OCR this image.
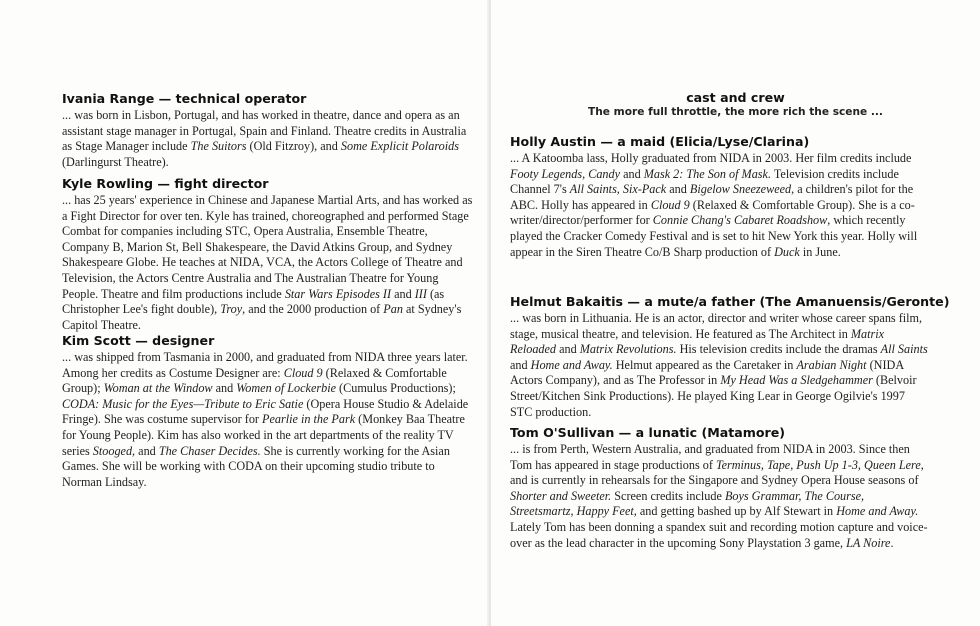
Ivania Range — technical operator

... was born in Lisbon, Portugal, and has worked in theatre, dance and opera as an assistant stage manager in Portugal, Spain and Finland. Theatre credits in Australia as Stage Manager include The Suitors (Old Fitzroy), and Some Explicit Polaroids (Darlingurst Theatre).

Kyle Rowling — fight director

... has 25 years' experience in Chinese and Japanese Martial Arts, and has worked as a Fight Director for over ten. Kyle has trained, choreographed and performed Stage Combat for companies including STC, Opera Australia, Ensemble Theatre, Company B, Marion St, Bell Shakespeare, the David Atkins Group, and Sydney Shakespeare Globe. He teaches at NIDA, VCA, the Actors College of Theatre and Television, the Actors Centre Australia and The Australian Theatre for Young People. Theatre and film productions include Star Wars Episodes II and III (as Christopher Lee's fight double), Troy, and the 2000 production of Pan at Sydney's Capitol Theatre.

Kim Scott — designer

... was shipped from Tasmania in 2000, and graduated from NIDA three years later. Among her credits as Costume Designer are: Cloud 9 (Relaxed & Comfortable Group); Woman at the Window and Women of Lockerbie (Cumulus Productions); CODA: Music for the Eyes—Tribute to Eric Satie (Opera House Studio & Adelaide Fringe). She was costume supervisor for Pearlie in the Park (Monkey Baa Theatre for Young People). Kim has also worked in the art departments of the reality TV series Stooged, and The Chaser Decides. She is currently working for the Asian Games. She will be working with CODA on their upcoming studio tribute to Norman Lindsay.

cast and crew
The more full throttle, the more rich the scene ...
Holly Austin — a maid (Elicia/Lyse/Clarina)

... A Katoomba lass, Holly graduated from NIDA in 2003. Her film credits include Footy Legends, Candy and Mask 2: The Son of Mask. Television credits include Channel 7's All Saints, Six-Pack and Bigelow Sneezeweed, a children's pilot for the ABC. Holly has appeared in Cloud 9 (Relaxed & Comfortable Group). She is a co-writer/director/performer for Connie Chang's Cabaret Roadshow, which recently played the Cracker Comedy Festival and is set to hit New York this year. Holly will appear in the Siren Theatre Co/B Sharp production of Duck in June.

Helmut Bakaitis — a mute/a father (The Amanuensis/Geronte)

... was born in Lithuania. He is an actor, director and writer whose career spans film, stage, musical theatre, and television. He featured as The Architect in Matrix Reloaded and Matrix Revolutions. His television credits include the dramas All Saints and Home and Away. Helmut appeared as the Caretaker in Arabian Night (NIDA Actors Company), and as The Professor in My Head Was a Sledgehammer (Belvoir Street/Kitchen Sink Productions). He played King Lear in George Ogilvie's 1997 STC production.

Tom O'Sullivan — a lunatic (Matamore)

... is from Perth, Western Australia, and graduated from NIDA in 2003. Since then Tom has appeared in stage productions of Terminus, Tape, Push Up 1-3, Queen Lere, and is currently in rehearsals for the Singapore and Sydney Opera House seasons of Shorter and Sweeter. Screen credits include Boys Grammar, The Course, Streetsmartz, Happy Feet, and getting bashed up by Alf Stewart in Home and Away. Lately Tom has been donning a spandex suit and recording motion capture and voice-over as the lead character in the upcoming Sony Playstation 3 game, LA Noire.
